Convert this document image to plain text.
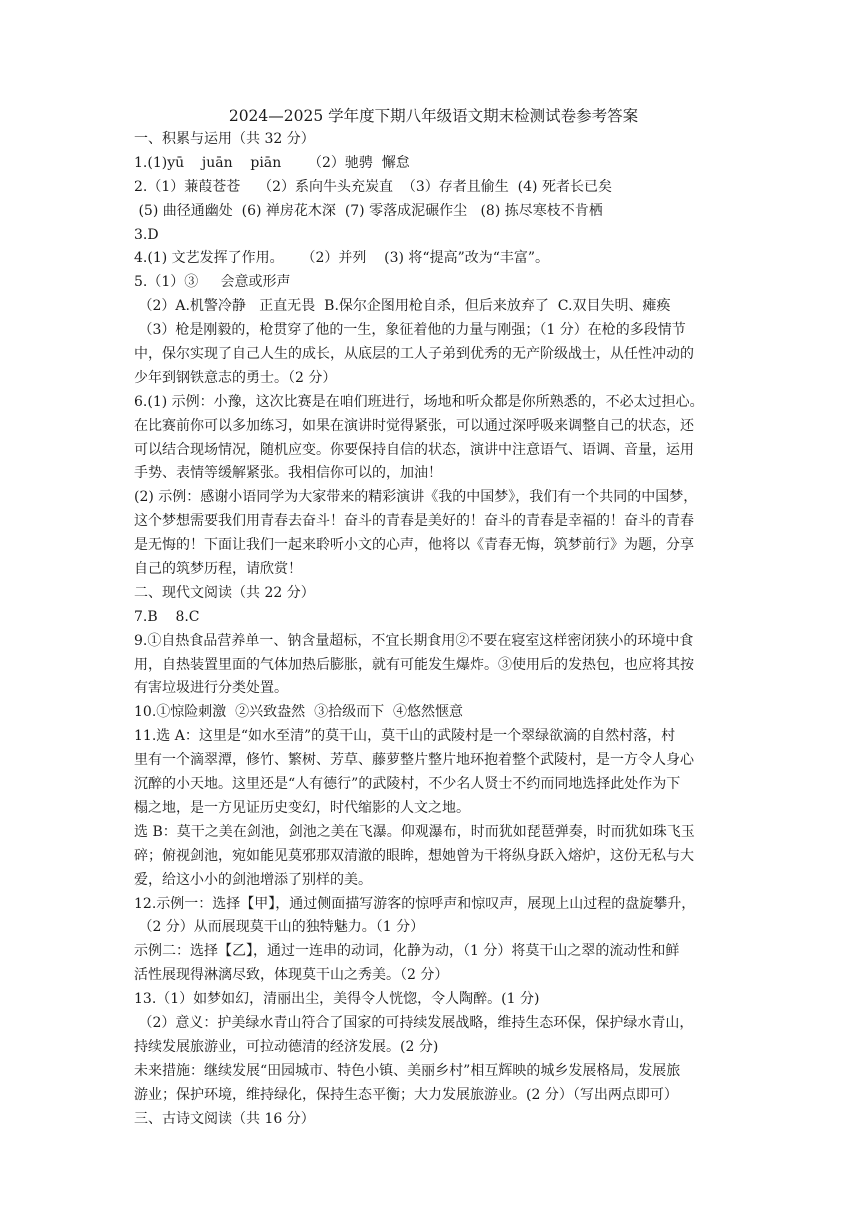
2024—2025 学年度下期八年级语文期末检测试卷参考答案
一、积累与运用（共 32 分）
1.(1)yū    juān    piān      （2）驰骋  懈怠
2.（1）蒹葭苍苍    （2）系向牛头充炭直  （3）存者且偷生  (4) 死者长已矣
(5) 曲径通幽处  (6) 禅房花木深  (7) 零落成泥碾作尘   (8) 拣尽寒枝不肯栖
3.D
4.(1) 文艺发挥了作用。    （2）并列    (3) 将“提高”改为“丰富”。
5.（1）③     会意或形声
（2）A.机警冷静   正直无畏  B.保尔企图用枪自杀，但后来放弃了  C.双目失明、瘫痪
（3）枪是刚毅的，枪贯穿了他的一生，象征着他的力量与刚强；（1 分）在枪的多段情节
中，保尔实现了自己人生的成长，从底层的工人子弟到优秀的无产阶级战士，从任性冲动的
少年到钢铁意志的勇士。（2 分）
6.(1) 示例：小豫，这次比赛是在咱们班进行，场地和听众都是你所熟悉的，不必太过担心。
在比赛前你可以多加练习，如果在演讲时觉得紧张，可以通过深呼吸来调整自己的状态，还
可以结合现场情况，随机应变。你要保持自信的状态，演讲中注意语气、语调、音量，运用
手势、表情等缓解紧张。我相信你可以的，加油！
(2) 示例：感谢小语同学为大家带来的精彩演讲《我的中国梦》，我们有一个共同的中国梦，
这个梦想需要我们用青春去奋斗！奋斗的青春是美好的！奋斗的青春是幸福的！奋斗的青春
是无悔的！下面让我们一起来聆听小文的心声，他将以《青春无悔，筑梦前行》为题，分享
自己的筑梦历程，请欣赏！
二、现代文阅读（共 22 分）
7.B    8.C
9.①自热食品营养单一、钠含量超标，不宜长期食用②不要在寝室这样密闭狭小的环境中食
用，自热装置里面的气体加热后膨胀，就有可能发生爆炸。③使用后的发热包，也应将其按
有害垃圾进行分类处置。
10.①惊险刺激  ②兴致盎然  ③拾级而下  ④悠然惬意
11.选 A：这里是“如水至清”的莫干山，莫干山的武陵村是一个翠绿欲滴的自然村落，村
里有一个滴翠潭，修竹、繁树、芳草、藤萝整片整片地环抱着整个武陵村，是一方令人身心
沉醉的小天地。这里还是“人有德行”的武陵村，不少名人贤士不约而同地选择此处作为下
榻之地，是一方见证历史变幻，时代缩影的人文之地。
选 B：莫干之美在剑池，剑池之美在飞瀑。仰观瀑布，时而犹如琵琶弹奏，时而犹如珠飞玉
碎；俯视剑池，宛如能见莫邪那双清澈的眼眸，想她曾为干将纵身跃入熔炉，这份无私与大
爱，给这小小的剑池增添了别样的美。
12.示例一：选择【甲】，通过侧面描写游客的惊呼声和惊叹声，展现上山过程的盘旋攀升，
（2 分）从而展现莫干山的独特魅力。（1 分）
示例二：选择【乙】，通过一连串的动词，化静为动，（1 分）将莫干山之翠的流动性和鲜
活性展现得淋漓尽致，体现莫干山之秀美。（2 分）
13.（1）如梦如幻，清丽出尘，美得令人恍惚，令人陶醉。(1 分)
（2）意义：护美绿水青山符合了国家的可持续发展战略，维持生态环保，保护绿水青山，
持续发展旅游业，可拉动德清的经济发展。(2 分)
未来措施：继续发展“田园城市、特色小镇、美丽乡村”相互辉映的城乡发展格局，发展旅
游业；保护环境，维持绿化，保持生态平衡；大力发展旅游业。(2 分）（写出两点即可）
三、古诗文阅读（共 16 分）
